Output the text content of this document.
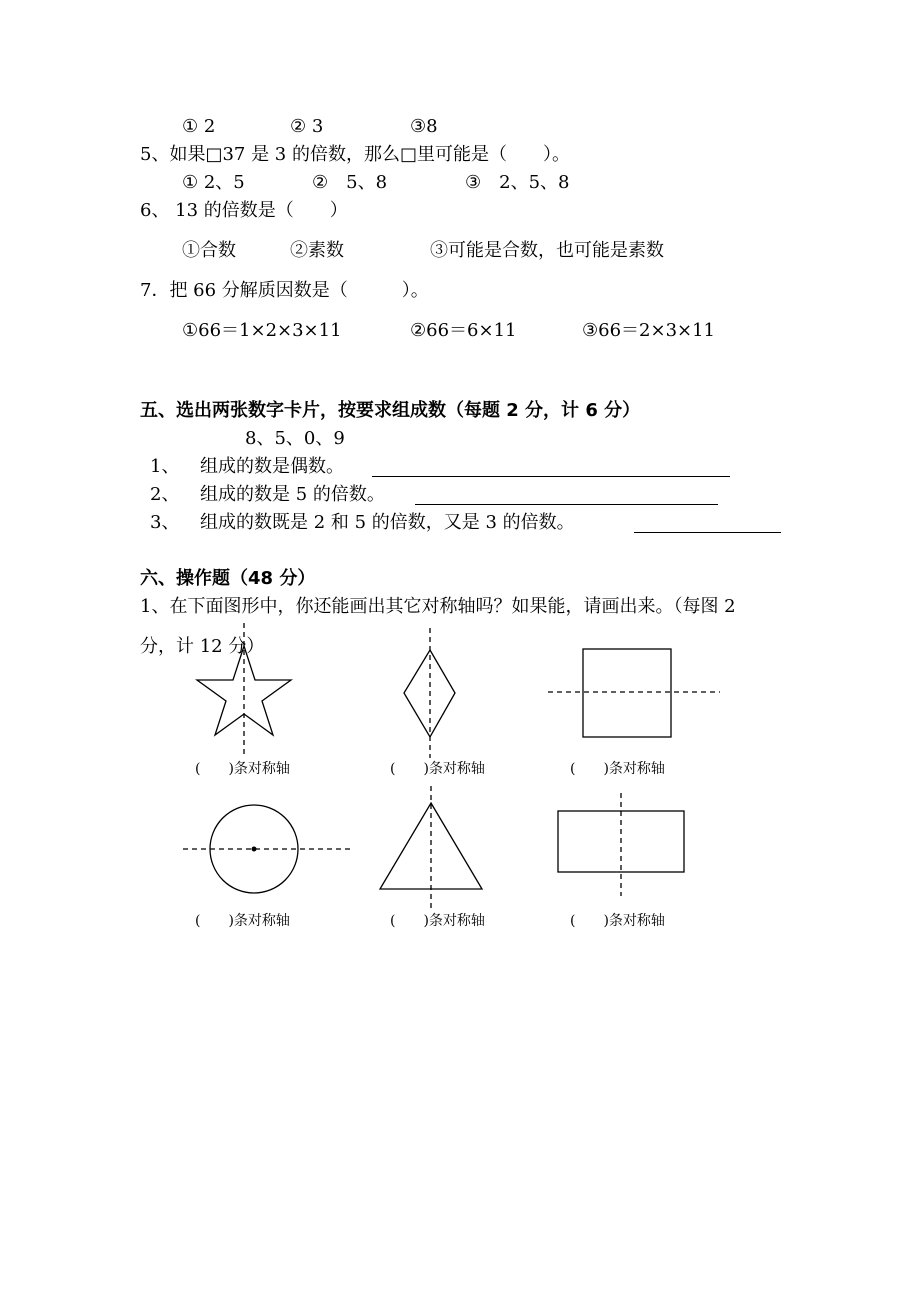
① 2	② 3	③8
5、如果□37 是 3 的倍数，那么□里可能是（　　）。
① 2、5	②　5、8	③　2、5、8
6、 13 的倍数是（　　）
①合数	②素数	③可能是合数，也可能是素数
7．把 66 分解质因数是（　　　）。
①66＝1×2×3×11	②66＝6×11	③66＝2×3×11
五、选出两张数字卡片，按要求组成数（每题 2 分，计 6 分）
8、5、0、9
1、 组成的数是偶数。
2、 组成的数是 5 的倍数。
3、 组成的数既是 2 和 5 的倍数，又是 3 的倍数。
六、操作题（48 分）
1、在下面图形中，你还能画出其它对称轴吗？如果能，请画出来。（每图 2
分，计 12 分）
(　　)条对称轴	(　　)条对称轴	(　　)条对称轴
(　　)条对称轴	(　　)条对称轴	(　　)条对称轴
